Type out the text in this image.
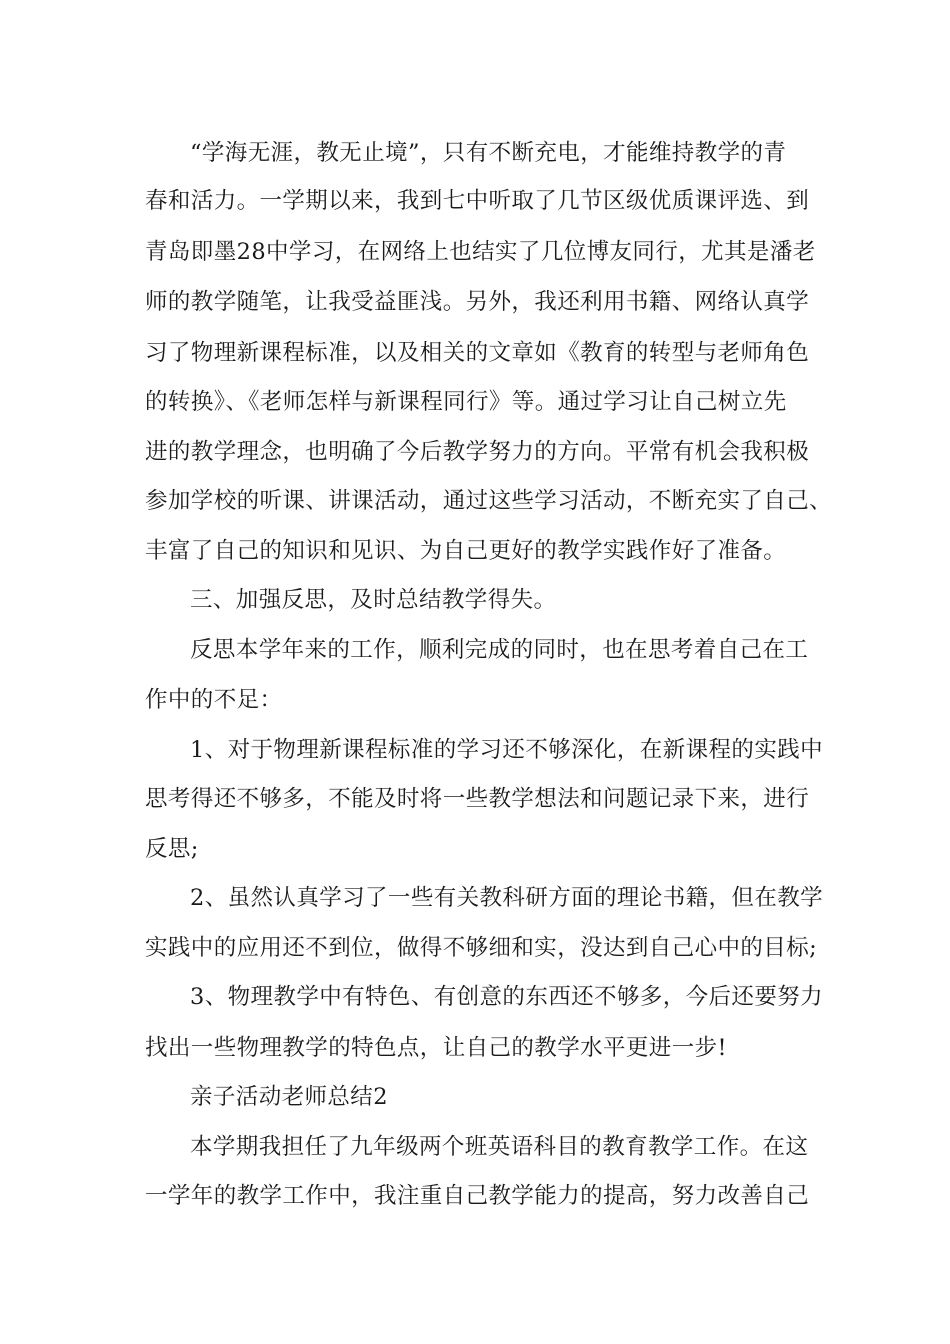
“学海无涯，教无止境”，只有不断充电，才能维持教学的青

春和活力。一学期以来，我到七中听取了几节区级优质课评选、到

青岛即墨28中学习，在网络上也结实了几位博友同行，尤其是潘老

师的教学随笔，让我受益匪浅。另外，我还利用书籍、网络认真学

习了物理新课程标准，以及相关的文章如《教育的转型与老师角色

的转换》、《老师怎样与新课程同行》等。通过学习让自己树立先

进的教学理念，也明确了今后教学努力的方向。平常有机会我积极

参加学校的听课、讲课活动，通过这些学习活动，不断充实了自己、

丰富了自己的知识和见识、为自己更好的教学实践作好了准备。

三、加强反思，及时总结教学得失。

反思本学年来的工作，顺利完成的同时，也在思考着自己在工

作中的不足：

1、对于物理新课程标准的学习还不够深化，在新课程的实践中

思考得还不够多，不能及时将一些教学想法和问题记录下来，进行

反思;

2、虽然认真学习了一些有关教科研方面的理论书籍，但在教学

实践中的应用还不到位，做得不够细和实，没达到自己心中的目标;

3、物理教学中有特色、有创意的东西还不够多，今后还要努力

找出一些物理教学的特色点，让自己的教学水平更进一步!

亲子活动老师总结2

本学期我担任了九年级两个班英语科目的教育教学工作。在这

一学年的教学工作中，我注重自己教学能力的提高，努力改善自己
